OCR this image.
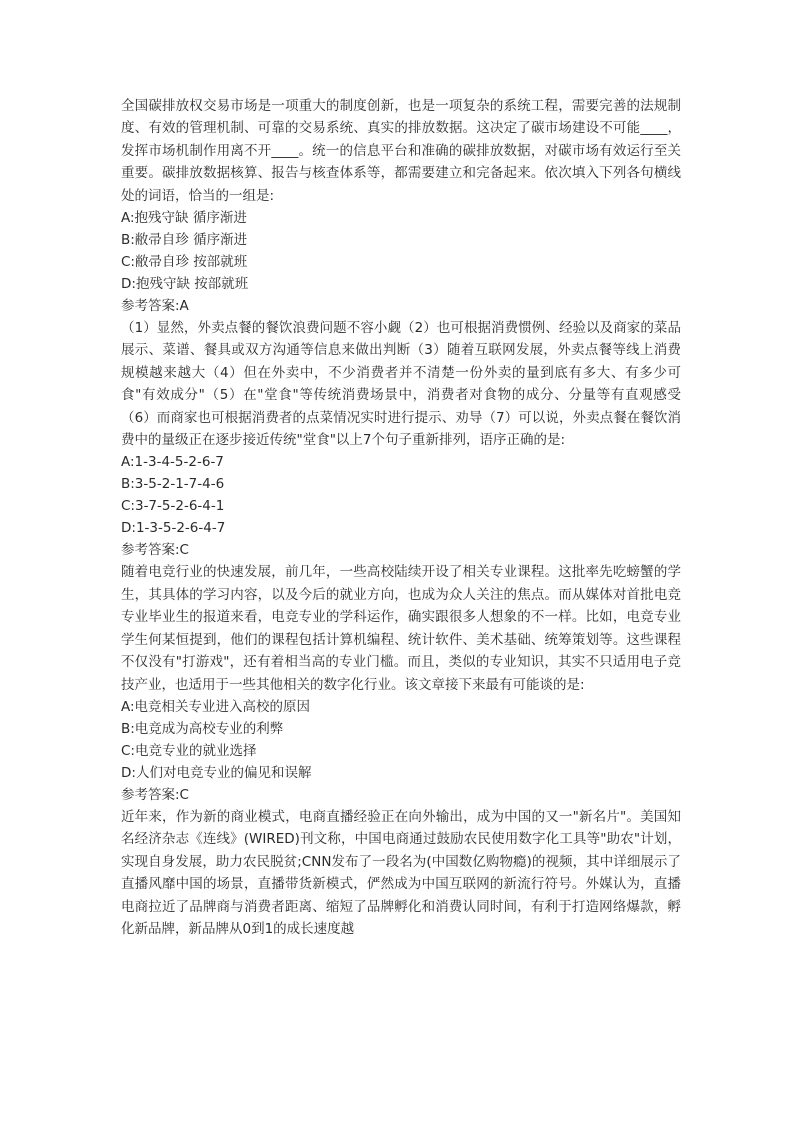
全国碳排放权交易市场是一项重大的制度创新，也是一项复杂的系统工程，需要完善的法规制度、有效的管理机制、可靠的交易系统、真实的排放数据。这决定了碳市场建设不可能____，发挥市场机制作用离不开____。统一的信息平台和准确的碳排放数据，对碳市场有效运行至关重要。碳排放数据核算、报告与核查体系等，都需要建立和完备起来。依次填入下列各句横线处的词语，恰当的一组是:

A:抱残守缺 循序渐进

B:敝帚自珍 循序渐进

C:敝帚自珍 按部就班

D:抱残守缺 按部就班

参考答案:A

（1）显然，外卖点餐的餐饮浪费问题不容小觑（2）也可根据消费惯例、经验以及商家的菜品展示、菜谱、餐具或双方沟通等信息来做出判断（3）随着互联网发展，外卖点餐等线上消费规模越来越大（4）但在外卖中，不少消费者并不清楚一份外卖的量到底有多大、有多少可食"有效成分"（5）在"堂食"等传统消费场景中，消费者对食物的成分、分量等有直观感受（6）而商家也可根据消费者的点菜情况实时进行提示、劝导（7）可以说，外卖点餐在餐饮消费中的量级正在逐步接近传统"堂食"以上7个句子重新排列，语序正确的是:

A:1-3-4-5-2-6-7

B:3-5-2-1-7-4-6

C:3-7-5-2-6-4-1

D:1-3-5-2-6-4-7

参考答案:C

随着电竞行业的快速发展，前几年，一些高校陆续开设了相关专业课程。这批率先吃螃蟹的学生，其具体的学习内容，以及今后的就业方向，也成为众人关注的焦点。而从媒体对首批电竞专业毕业生的报道来看，电竞专业的学科运作，确实跟很多人想象的不一样。比如，电竞专业学生何某恒提到，他们的课程包括计算机编程、统计软件、美术基础、统筹策划等。这些课程不仅没有"打游戏"，还有着相当高的专业门槛。而且，类似的专业知识，其实不只适用电子竞技产业，也适用于一些其他相关的数字化行业。该文章接下来最有可能谈的是:

A:电竞相关专业进入高校的原因

B:电竞成为高校专业的利弊

C:电竞专业的就业选择

D:人们对电竞专业的偏见和误解

参考答案:C

近年来，作为新的商业模式，电商直播经验正在向外输出，成为中国的又一"新名片"。美国知名经济杂志《连线》(WIRED)刊文称，中国电商通过鼓励农民使用数字化工具等"助农"计划，实现自身发展，助力农民脱贫;CNN发布了一段名为(中国数亿购物瘾)的视频，其中详细展示了直播风靡中国的场景，直播带货新模式，俨然成为中国互联网的新流行符号。外媒认为，直播电商拉近了品牌商与消费者距离、缩短了品牌孵化和消费认同时间，有利于打造网络爆款，孵化新品牌，新品牌从0到1的成长速度越
